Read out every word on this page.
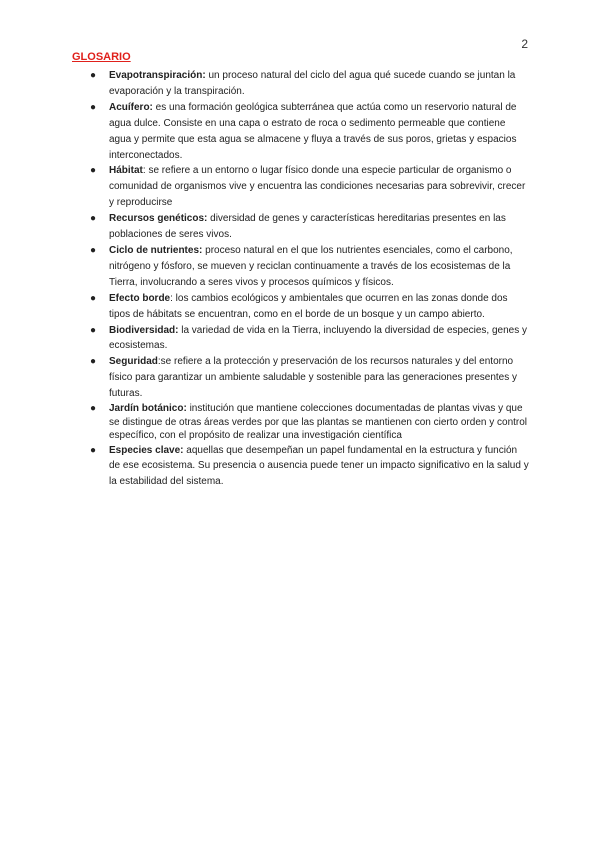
2

GLOSARIO

● Evapotranspiración: un proceso natural del ciclo del agua qué sucede cuando se juntan la evaporación y la transpiración.
● Acuífero: es una formación geológica subterránea que actúa como un reservorio natural de agua dulce. Consiste en una capa o estrato de roca o sedimento permeable que contiene agua y permite que esta agua se almacene y fluya a través de sus poros, grietas y espacios interconectados.
● Hábitat: se refiere a un entorno o lugar físico donde una especie particular de organismo o comunidad de organismos vive y encuentra las condiciones necesarias para sobrevivir, crecer y reproducirse
● Recursos genéticos: diversidad de genes y características hereditarias presentes en las poblaciones de seres vivos.
● Ciclo de nutrientes: proceso natural en el que los nutrientes esenciales, como el carbono, nitrógeno y fósforo, se mueven y reciclan continuamente a través de los ecosistemas de la Tierra, involucrando a seres vivos y procesos químicos y físicos.
● Efecto borde: los cambios ecológicos y ambientales que ocurren en las zonas donde dos tipos de hábitats se encuentran, como en el borde de un bosque y un campo abierto.
● Biodiversidad: la variedad de vida en la Tierra, incluyendo la diversidad de especies, genes y ecosistemas.
● Seguridad:se refiere a la protección y preservación de los recursos naturales y del entorno físico para garantizar un ambiente saludable y sostenible para las generaciones presentes y futuras.
● Jardín botánico: institución que mantiene colecciones documentadas de plantas vivas y que se distingue de otras áreas verdes por que las plantas se mantienen con cierto orden y control específico, con el propósito de realizar una investigación científica
● Especies clave: aquellas que desempeñan un papel fundamental en la estructura y función de ese ecosistema. Su presencia o ausencia puede tener un impacto significativo en la salud y la estabilidad del sistema.
